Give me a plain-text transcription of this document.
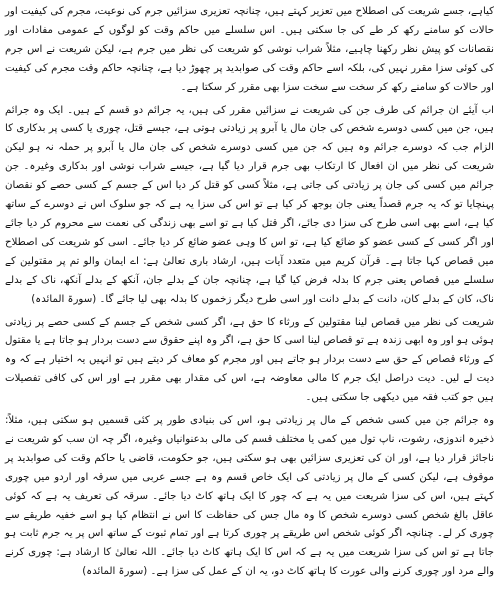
کیاہے، جسے شریعت کی اصطلاح میں تعزیر کہتے ہیں، چنانچہ تعزیری سزائیں جرم کی نوعیت، مجرم کی کیفیت اور حالات کو سامنے رکھ کر طے کی جا سکتی ہیں۔ اس سلسلے میں حاکم وقت کو لوگوں کے عمومی مفادات اور نقصانات کو پیش نظر رکھنا چاہیے، مثلاً شراب نوشی کو شریعت کی نظر میں جرم ہے، لیکن شریعت نے اس جرم کی کوئی سزا مقرر نہیں کی، بلکہ اسے حاکم وقت کی صوابدید پر چھوڑ دیا ہے، چنانچہ حاکم وقت مجرم کی کیفیت اور حالات کو سامنے رکھ کر سخت سے سخت سزا بھی مقرر کر سکتا ہے۔

اب آیئے ان جرائم کی طرف جن کی شریعت نے سزائیں مقرر کی ہیں، یہ جرائم دو قسم کے ہیں۔ ایک وہ جرائم ہیں، جن میں کسی دوسرے شخص کی جان مال یا آبرو پر زیادتی ہوتی ہے، جیسے قتل، چوری یا کسی پر بدکاری کا الزام جب کہ دوسرے جرائم وہ ہیں کہ جن میں کسی دوسرے شخص کی جان مال یا آبرو پر حملہ نہ ہو لیکن شریعت کی نظر میں ان افعال کا ارتکاب بھی جرم قرار دیا گیا ہے، جیسے شراب نوشی اور بدکاری وغیرہ۔ جن جرائم میں کسی کی جان پر زیادتی کی جاتی ہے، مثلاً کسی کو قتل کر دیا اس کے جسم کے کسی حصے کو نقصان پہنچایا تو کہ یہ جرم قصداً یعنی جان بوجھ کر کیا ہے تو اس کی سزا یہ ہے کہ جو سلوک اس نے دوسرے کے ساتھ کیا ہے، اسے بھی اسی طرح کی سزا دی جائے، اگر قتل کیا ہے تو اسے بھی زندگی کی نعمت سے محروم کر دیا جائے اور اگر کسی کے کسی عضو کو ضائع کیا ہے، تو اس کا وہی عضو ضائع کر دیا جائے۔ اسی کو شریعت کی اصطلاح میں قصاص کہا جاتا ہے۔ قرآن کریم میں متعدد آیات ہیں، ارشاد باری تعالیٰ ہے: اے ایمان والو تم پر مقتولین کے سلسلے میں قصاص یعنی جرم کا بدلہ فرض کیا گیا ہے، چنانچہ جان کے بدلے جان، آنکھ کے بدلے آنکھ، ناک کے بدلے ناک، کان کے بدلے کان، دانت کے بدلے دانت اور اسی طرح دیگر زخموں کا بدلہ بھی لیا جائے گا۔ (سورۃ المائدہ)

شریعت کی نظر میں قصاص لینا مقتولین کے ورثاء کا حق ہے، اگر کسی شخص کے جسم کے کسی حصے پر زیادتی ہوئی ہو اور وہ ابھی زندہ ہے تو قصاص لینا اسی کا حق ہے، اگر وہ اپنے حقوق سے دست بردار ہو جاتا ہے یا مقتول کے ورثاء قصاص کے حق سے دست بردار ہو جاتے ہیں اور مجرم کو معاف کر دیتے ہیں تو انہیں یہ اختیار ہے کہ وہ دیت لے لیں۔ دیت دراصل ایک جرم کا مالی معاوضہ ہے، اس کی مقدار بھی مقرر ہے اور اس کی کافی تفصیلات ہیں جو کتب فقہ میں دیکھی جا سکتی ہیں۔

وہ جرائم جن میں کسی شخص کے مال پر زیادتی ہو، اس کی بنیادی طور پر کئی قسمیں ہو سکتی ہیں، مثلاً: ذخیرہ اندوزی، رشوت، ناپ تول میں کمی یا مختلف قسم کی مالی بدعنوانیاں وغیرہ، اگر چہ ان سب کو شریعت نے ناجائز قرار دیا ہے، اور ان کی تعزیری سزائیں بھی ہو سکتی ہیں، جو حکومت، قاضی یا حاکم وقت کی صوابدید پر موقوف ہے، لیکن کسی کے مال پر زیادتی کی ایک خاص قسم وہ ہے جسے عربی میں سرقہ اور اردو میں چوری کہتے ہیں، اس کی سزا شریعت میں یہ ہے کہ چور کا ایک ہاتھ کاٹ دیا جائے۔ سرقہ کی تعریف یہ ہے کہ کوئی عاقل بالغ شخص کسی دوسرے شخص کا وہ مال جس کی حفاظت کا اس نے انتظام کیا ہو اسے خفیہ طریقے سے چوری کر لے۔ چنانچہ اگر کوئی شخص اس طریقے پر چوری کرتا ہے اور تمام ثبوت کے ساتھ اس پر یہ جرم ثابت ہو جاتا ہے تو اس کی سزا شریعت میں یہ ہے کہ اس کا ایک ہاتھ کاٹ دیا جائے۔ اللہ تعالیٰ کا ارشاد ہے: چوری کرنے والے مرد اور چوری کرنے والی عورت کا ہاتھ کاٹ دو، یہ ان کے عمل کی سزا ہے۔ (سورۃ المائدہ)
